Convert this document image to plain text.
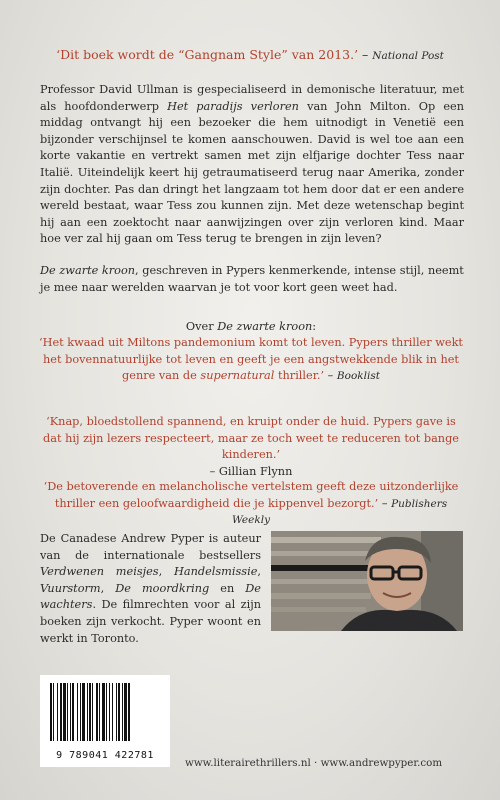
‘Dit boek wordt de “Gangnam Style” van 2013.’ – National Post

Professor David Ullman is gespecialiseerd in demonische literatuur, met als hoofdonderwerp Het paradijs verloren van John Milton. Op een middag ontvangt hij een bezoeker die hem uitnodigt in Venetië een bijzonder verschijnsel te komen aanschouwen. David is wel toe aan een korte vakantie en vertrekt samen met zijn elfjarige dochter Tess naar Italië. Uiteindelijk keert hij getraumatiseerd terug naar Amerika, zonder zijn dochter. Pas dan dringt het langzaam tot hem door dat er een andere wereld bestaat, waar Tess zou kunnen zijn. Met deze wetenschap begint hij aan een zoektocht naar aanwijzingen over zijn verloren kind. Maar hoe ver zal hij gaan om Tess terug te brengen in zijn leven?

De zwarte kroon, geschreven in Pypers kenmerkende, intense stijl, neemt je mee naar werelden waarvan je tot voor kort geen weet had.
Over De zwarte kroon:
‘Het kwaad uit Miltons pandemonium komt tot leven. Pypers thriller wekt het bovennatuurlijke tot leven en geeft je een angstwekkende blik in het genre van de supernatural thriller.’ – Booklist
‘Knap, bloedstollend spannend, en kruipt onder de huid. Pypers gave is dat hij zijn lezers respecteert, maar ze toch weet te reduceren tot bange kinderen.’
– Gillian Flynn
‘De betoverende en melancholische vertelstem geeft deze uitzonderlijke thriller een geloofwaardigheid die je kippenvel bezorgt.’ – Publishers Weekly
De Canadese Andrew Pyper is auteur van de internationale bestsellers Verdwenen meisjes, Handelsmissie, Vuurstorm, De moordkring en De wachters. De filmrechten voor al zijn boeken zijn verkocht. Pyper woont en werkt in Toronto.
9 789041 422781
www.literairethrillers.nl · www.andrewpyper.com
